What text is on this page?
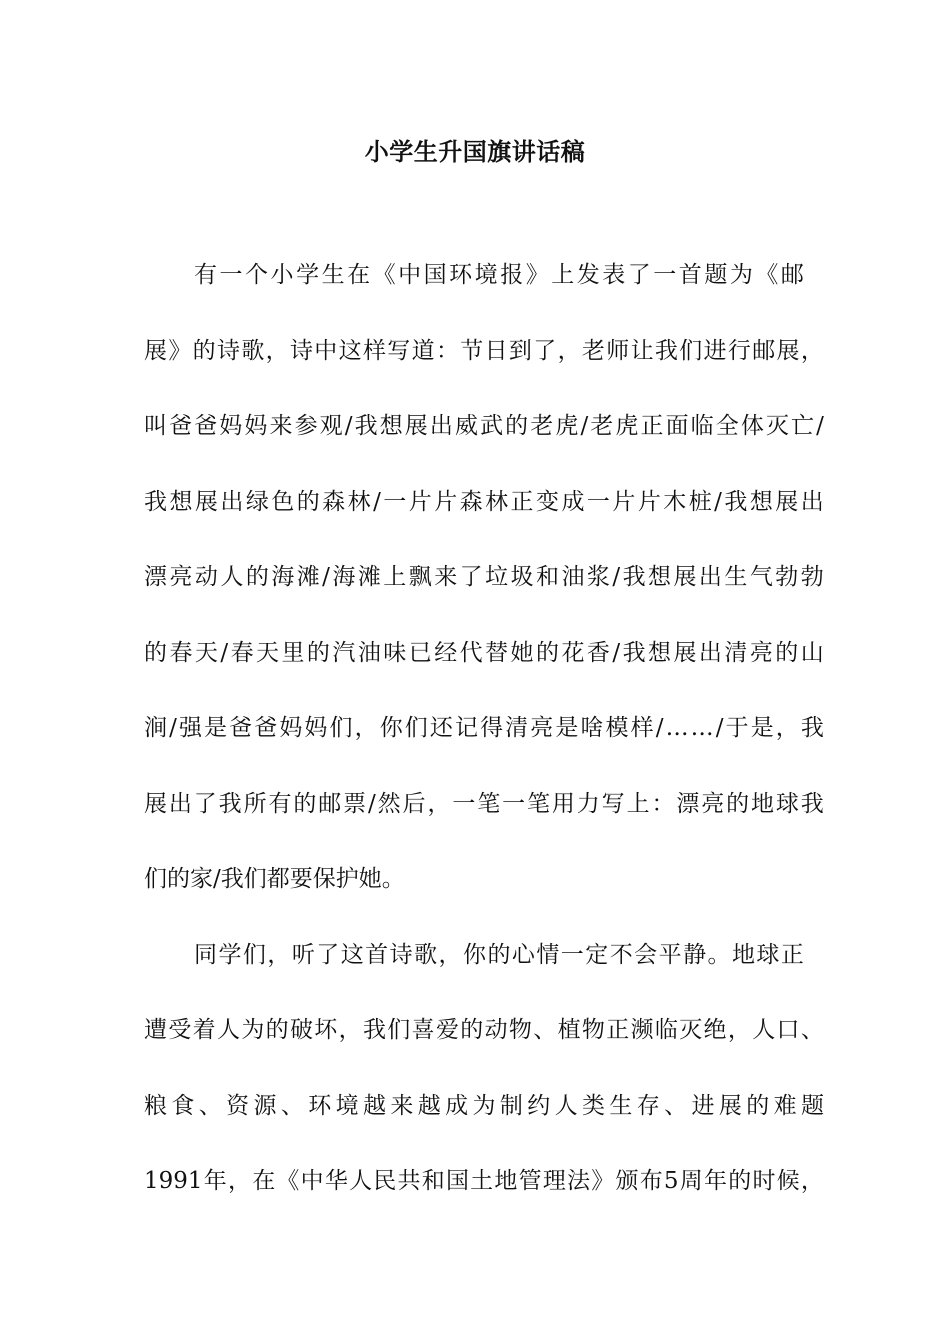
小学生升国旗讲话稿
有 一 个 小 学 生 在 《 中 国 环 境 报 》 上 发 表 了 一 首 题 为 《 邮
展 》 的 诗 歌 ， 诗 中 这 样 写 道 ： 节 日 到 了 ， 老 师 让 我 们 进 行 邮 展 ，
叫 爸 爸 妈 妈 来 参 观 / 我 想 展 出 威 武 的 老 虎 / 老 虎 正 面 临 全 体 灭 亡 /
我 想 展 出 绿 色 的 森 林 / 一 片 片 森 林 正 变 成 一 片 片 木 桩 / 我 想 展 出
漂 亮 动 人 的 海 滩 / 海 滩 上 飘 来 了 垃 圾 和 油 浆 / 我 想 展 出 生 气 勃 勃
的 春 天 / 春 天 里 的 汽 油 味 已 经 代 替 她 的 花 香 / 我 想 展 出 清 亮 的 山
涧 / 强 是 爸 爸 妈 妈 们 ， 你 们 还 记 得 清 亮 是 啥 模 样 / … … / 于 是 ， 我
展 出 了 我 所 有 的 邮 票 / 然 后 ， 一 笔 一 笔 用 力 写 上 ： 漂 亮 的 地 球 我
们 的 家 / 我 们 都 要 保 护 她 。
同 学 们 ， 听 了 这 首 诗 歌 ， 你 的 心 情 一 定 不 会 平 静 。 地 球 正
遭 受 着 人 为 的 破 坏 ， 我 们 喜 爱 的 动 物 、 植 物 正 濒 临 灭 绝 ， 人 口 、
粮 食 、 资 源 、 环 境 越 来 越 成 为 制 约 人 类 生 存 、 进 展 的 难 题
1991 年 ， 在 《 中 华 人 民 共 和 国 土 地 管 理 法 》 颁 布 5 周 年 的 时 候 ，
